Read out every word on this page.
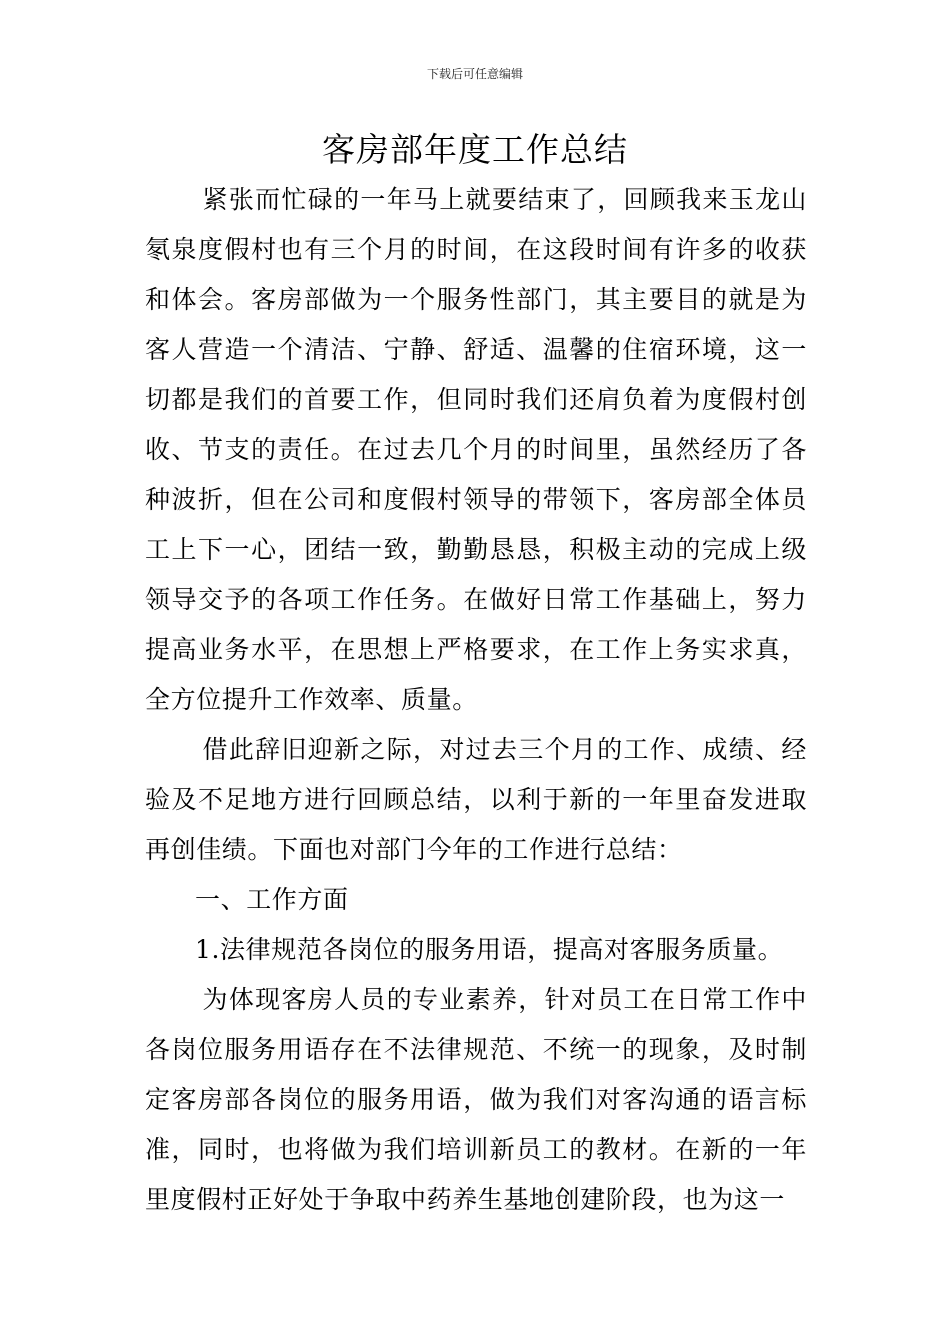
下载后可任意编辑
客房部年度工作总结

紧张而忙碌的一年马上就要结束了，回顾我来玉龙山氡泉度假村也有三个月的时间，在这段时间有许多的收获和体会。客房部做为一个服务性部门，其主要目的就是为客人营造一个清洁、宁静、舒适、温馨的住宿环境，这一切都是我们的首要工作，但同时我们还肩负着为度假村创收、节支的责任。在过去几个月的时间里，虽然经历了各种波折，但在公司和度假村领导的带领下，客房部全体员工上下一心，团结一致，勤勤恳恳，积极主动的完成上级领导交予的各项工作任务。在做好日常工作基础上，努力提高业务水平，在思想上严格要求，在工作上务实求真，全方位提升工作效率、质量。

借此辞旧迎新之际，对过去三个月的工作、成绩、经验及不足地方进行回顾总结，以利于新的一年里奋发进取再创佳绩。下面也对部门今年的工作进行总结：

一、工作方面

1.法律规范各岗位的服务用语，提高对客服务质量。

为体现客房人员的专业素养，针对员工在日常工作中各岗位服务用语存在不法律规范、不统一的现象，及时制定客房部各岗位的服务用语，做为我们对客沟通的语言标准，同时，也将做为我们培训新员工的教材。在新的一年里度假村正好处于争取中药养生基地创建阶段，也为这一
